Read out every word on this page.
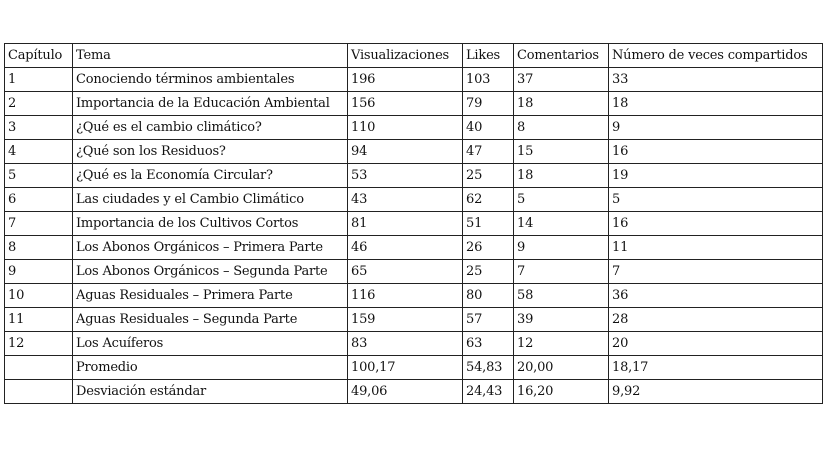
Capítulo	Tema	Visualizaciones	Likes	Comentarios	Número de veces compartidos
1	Conociendo términos ambientales	196	103	37	33
2	Importancia de la Educación Ambiental	156	79	18	18
3	¿Qué es el cambio climático?	110	40	8	9
4	¿Qué son los Residuos?	94	47	15	16
5	¿Qué es la Economía Circular?	53	25	18	19
6	Las ciudades y el Cambio Climático	43	62	5	5
7	Importancia de los Cultivos Cortos	81	51	14	16
8	Los Abonos Orgánicos – Primera Parte	46	26	9	11
9	Los Abonos Orgánicos – Segunda Parte	65	25	7	7
10	Aguas Residuales – Primera Parte	116	80	58	36
11	Aguas Residuales – Segunda Parte	159	57	39	28
12	Los Acuíferos	83	63	12	20
	Promedio	100,17	54,83	20,00	18,17
	Desviación estándar	49,06	24,43	16,20	9,92
